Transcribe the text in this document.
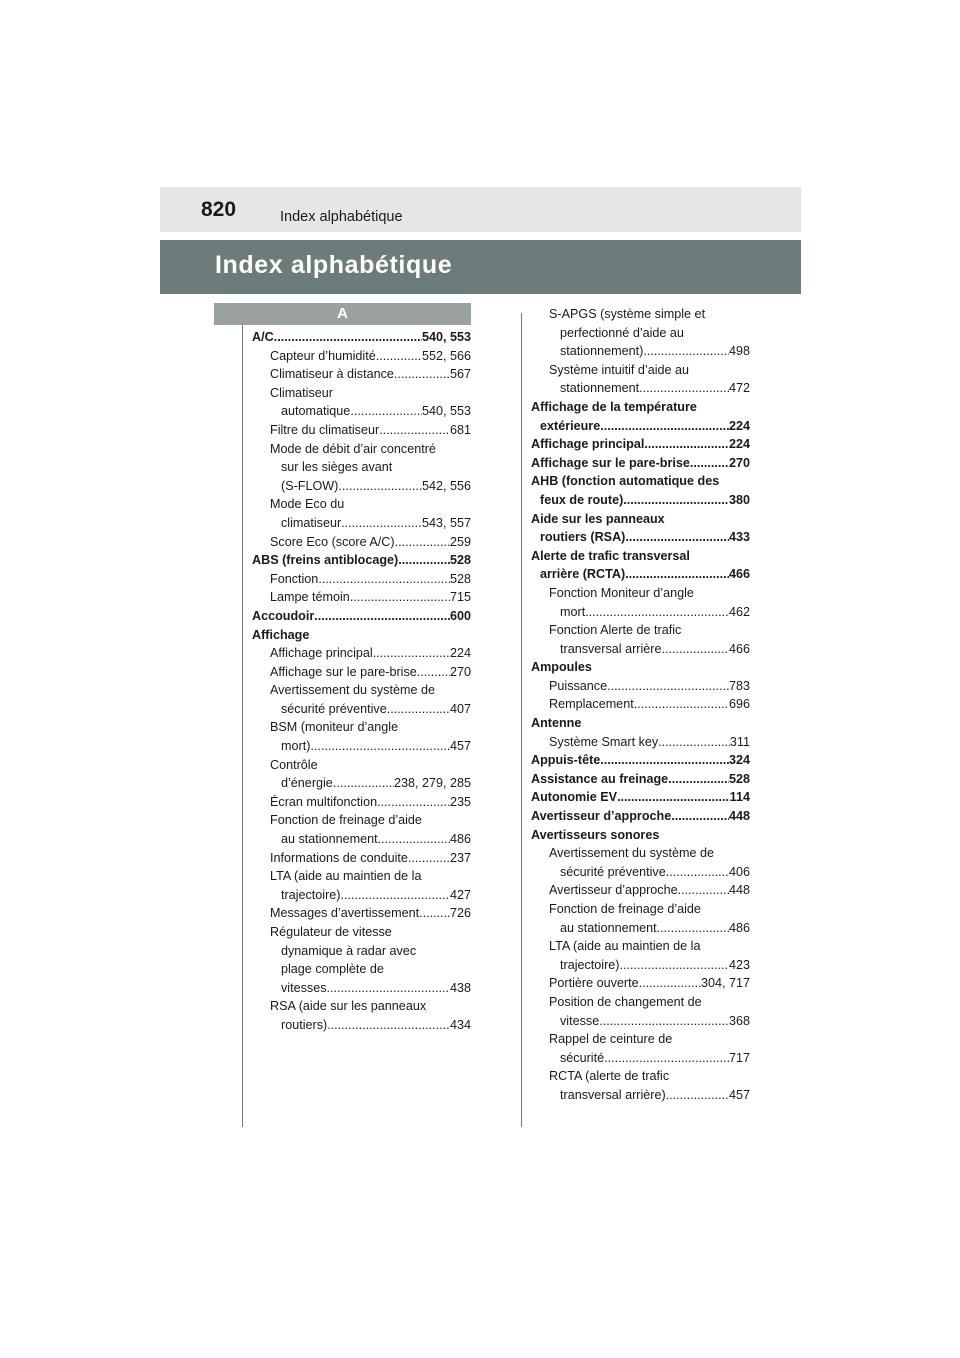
820	Index alphabétique
Index alphabétique
A
A/C .....	540, 553
Capteur d’humidité .....	552, 566
Climatiseur à distance .....	567
Climatiseur
automatique .....	540, 553
Filtre du climatiseur .....	681
Mode de débit d’air concentré
sur les sièges avant
(S-FLOW) .....	542, 556
Mode Eco du
climatiseur .....	543, 557
Score Eco (score A/C) .....	259
ABS (freins antiblocage) .....	528
Fonction .....	528
Lampe témoin .....	715
Accoudoir .....	600
Affichage
Affichage principal .....	224
Affichage sur le pare-brise .....	270
Avertissement du système de
sécurité préventive .....	407
BSM (moniteur d’angle
mort) .....	457
Contrôle
d’énergie .....	238, 279, 285
Écran multifonction .....	235
Fonction de freinage d’aide
au stationnement .....	486
Informations de conduite .....	237
LTA (aide au maintien de la
trajectoire) .....	427
Messages d’avertissement ..... 726
Régulateur de vitesse
dynamique à radar avec
plage complète de
vitesses .....	438
RSA (aide sur les panneaux
routiers) .....	434
S-APGS (système simple et
perfectionné d’aide au
stationnement) .....	498
Système intuitif d’aide au
stationnement .....	472
Affichage de la température
extérieure .....	224
Affichage principal .....	224
Affichage sur le pare-brise .....	270
AHB (fonction automatique des
feux de route) .....	380
Aide sur les panneaux
routiers (RSA) .....	433
Alerte de trafic transversal
arrière (RCTA) .....	466
Fonction Moniteur d’angle
mort .....	462
Fonction Alerte de trafic
transversal arrière .....	466
Ampoules
Puissance .....	783
Remplacement .....	696
Antenne
Système Smart key .....	311
Appuis-tête .....	324
Assistance au freinage .....	528
Autonomie EV .....	114
Avertisseur d’approche .....	448
Avertisseurs sonores
Avertissement du système de
sécurité préventive .....	406
Avertisseur d’approche .....	448
Fonction de freinage d’aide
au stationnement .....	486
LTA (aide au maintien de la
trajectoire) .....	423
Portière ouverte .....	304, 717
Position de changement de
vitesse .....	368
Rappel de ceinture de
sécurité .....	717
RCTA (alerte de trafic
transversal arrière) .....	457
